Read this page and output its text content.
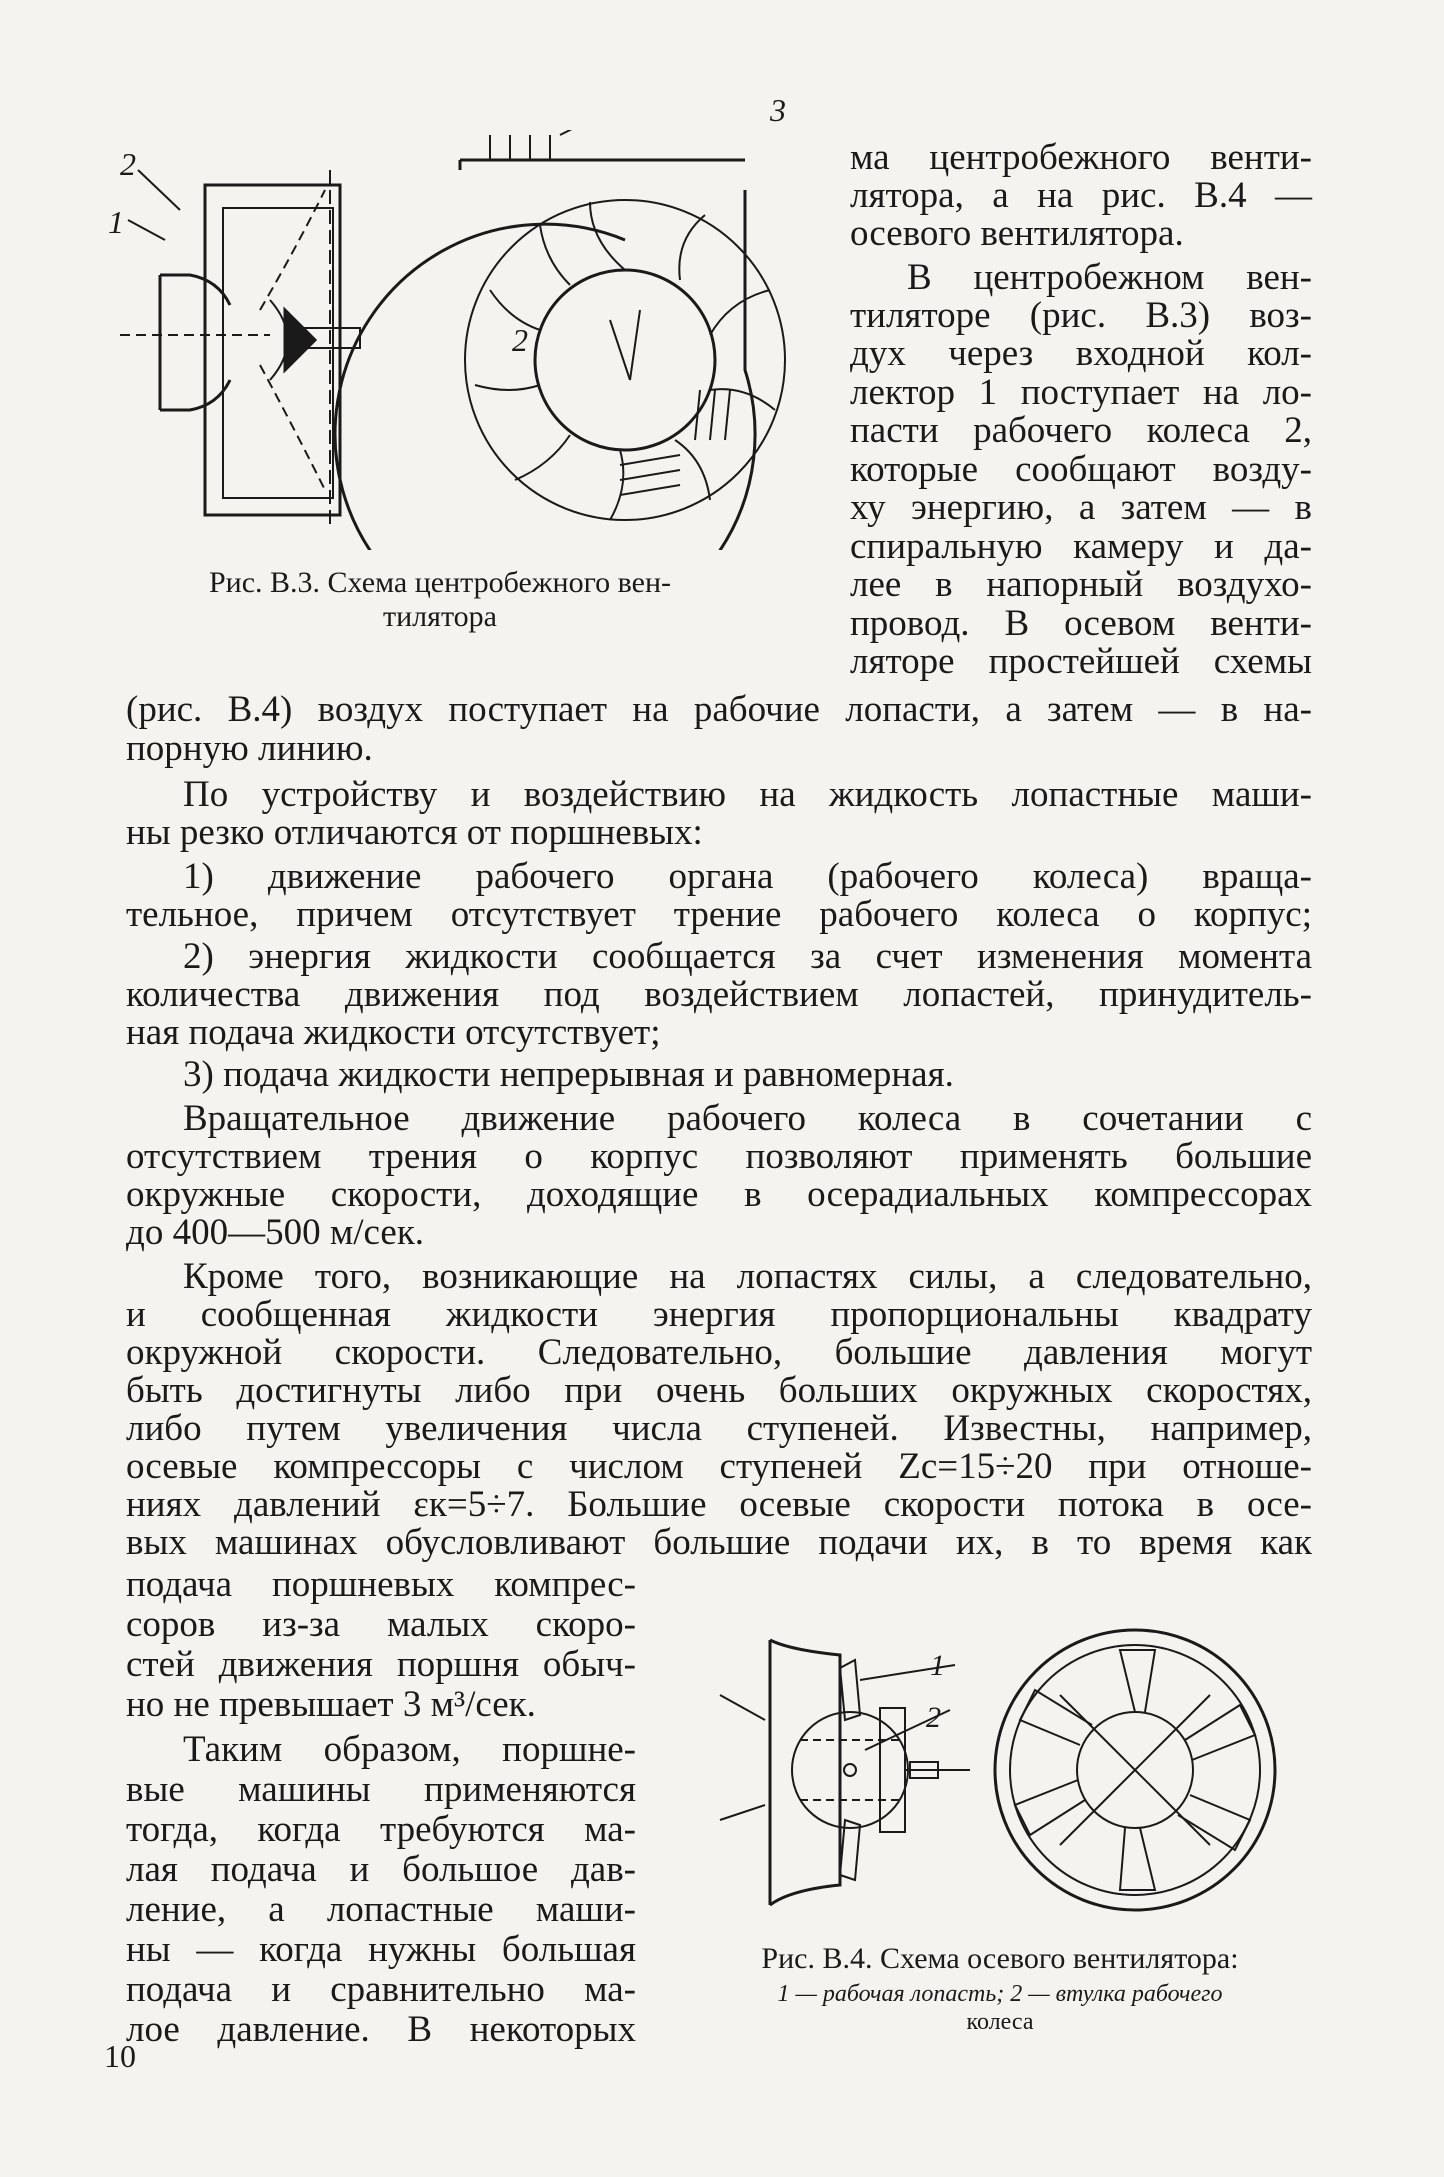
2
1
2
3
Рис. В.3. Схема центробежного вен-
тилятора
ма центробежного венти-
лятора, а на рис. В.4 —
осевого вентилятора.
В центробежном вен-
тиляторе (рис. В.3) воз-
дух через входной кол-
лектор 1 поступает на ло-
пасти рабочего колеса 2,
которые сообщают возду-
ху энергию, а затем — в
спиральную камеру и да-
лее в напорный воздухо-
провод. В осевом венти-
ляторе простейшей схемы
(рис. В.4) воздух поступает на рабочие лопасти, а затем — в на-
порную линию.
По устройству и воздействию на жидкость лопастные маши-
ны резко отличаются от поршневых:
1) движение рабочего органа (рабочего колеса) враща-
тельное, причем отсутствует трение рабочего колеса о корпус;
2) энергия жидкости сообщается за счет изменения момента
количества движения под воздействием лопастей, принудитель-
ная подача жидкости отсутствует;
3) подача жидкости непрерывная и равномерная.
Вращательное движение рабочего колеса в сочетании с
отсутствием трения о корпус позволяют применять большие
окружные скорости, доходящие в осерадиальных компрессорах
до 400—500 м/сек.
Кроме того, возникающие на лопастях силы, а следовательно,
и сообщенная жидкости энергия пропорциональны квадрату
окружной скорости. Следовательно, большие давления могут
быть достигнуты либо при очень больших окружных скоростях,
либо путем увеличения числа ступеней. Известны, например,
осевые компрессоры с числом ступеней Zс=15÷20 при отноше-
ниях давлений εк=5÷7. Большие осевые скорости потока в осе-
вых машинах обусловливают большие подачи их, в то время как
подача поршневых компрес-
соров из-за малых скоро-
стей движения поршня обыч-
но не превышает 3 м³/сек.
Таким образом, поршне-
вые машины применяются
тогда, когда требуются ма-
лая подача и большое дав-
ление, а лопастные маши-
ны — когда нужны большая
подача и сравнительно ма-
лое давление. В некоторых
1
2
Рис. В.4. Схема осевого вентилятора:
1 — рабочая лопасть; 2 — втулка рабочего
колеса
10
